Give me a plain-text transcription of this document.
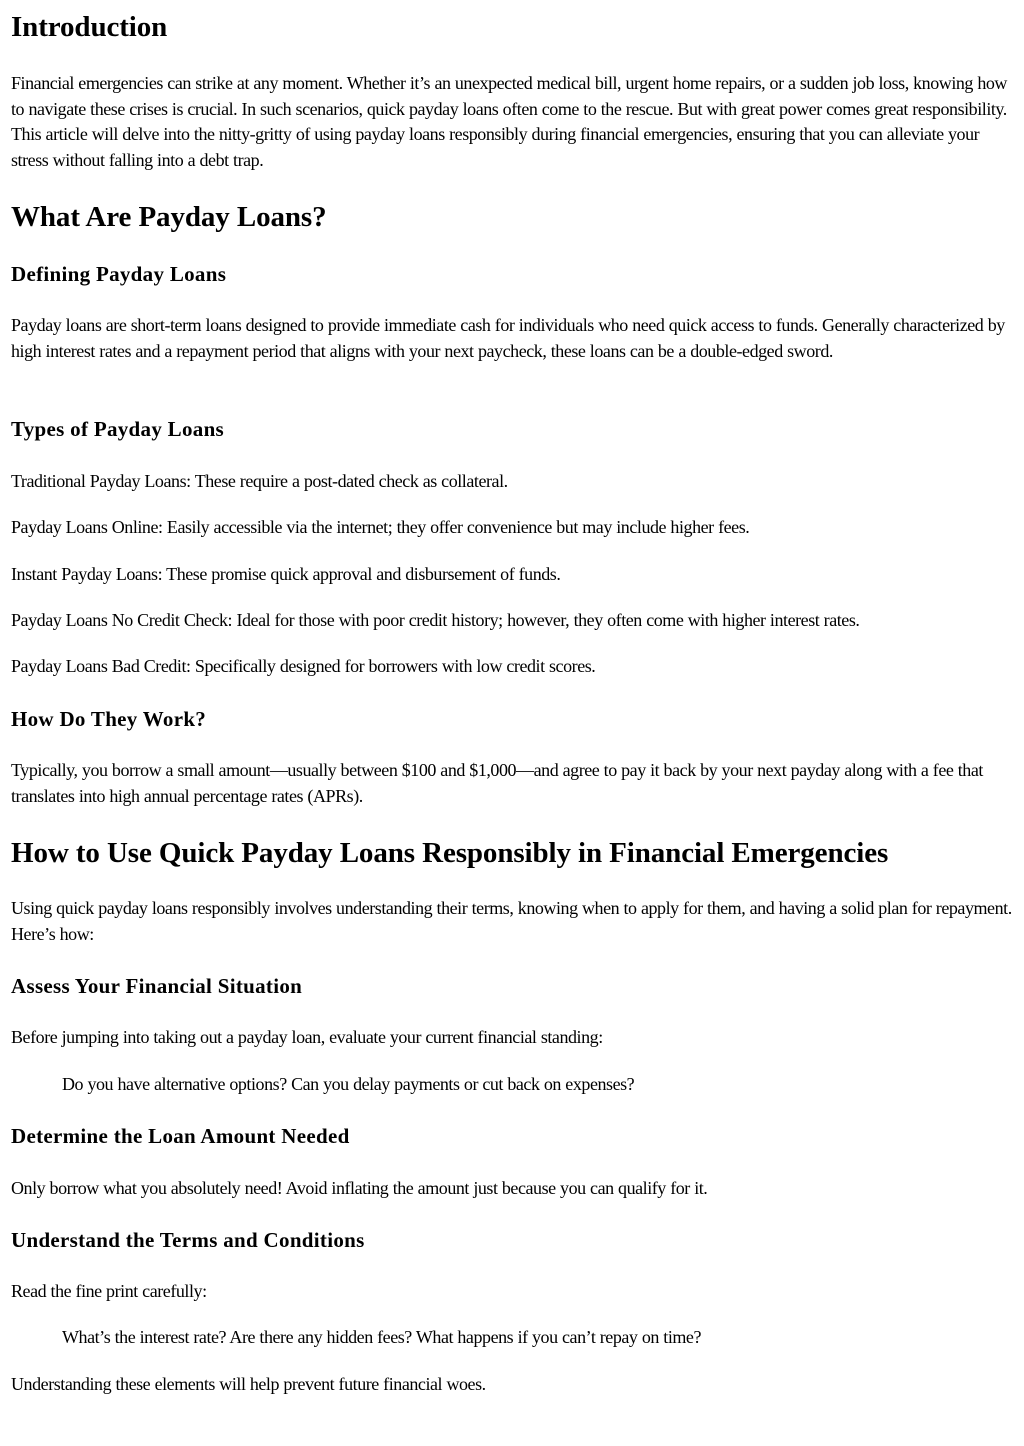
Introduction

Financial emergencies can strike at any moment. Whether it’s an unexpected medical bill, urgent home repairs, or a sudden job loss, knowing how to navigate these crises is crucial. In such scenarios, quick payday loans often come to the rescue. But with great power comes great responsibility. This article will delve into the nitty-gritty of using payday loans responsibly during financial emergencies, ensuring that you can alleviate your stress without falling into a debt trap.

What Are Payday Loans?
Defining Payday Loans

Payday loans are short-term loans designed to provide immediate cash for individuals who need quick access to funds. Generally characterized by high interest rates and a repayment period that aligns with your next paycheck, these loans can be a double-edged sword.

Types of Payday Loans

Traditional Payday Loans: These require a post-dated check as collateral.

Payday Loans Online: Easily accessible via the internet; they offer convenience but may include higher fees.

Instant Payday Loans: These promise quick approval and disbursement of funds.

Payday Loans No Credit Check: Ideal for those with poor credit history; however, they often come with higher interest rates.

Payday Loans Bad Credit: Specifically designed for borrowers with low credit scores.

How Do They Work?

Typically, you borrow a small amount—usually between $100 and $1,000—and agree to pay it back by your next payday along with a fee that translates into high annual percentage rates (APRs).

How to Use Quick Payday Loans Responsibly in Financial Emergencies

Using quick payday loans responsibly involves understanding their terms, knowing when to apply for them, and having a solid plan for repayment. Here’s how:

Assess Your Financial Situation

Before jumping into taking out a payday loan, evaluate your current financial standing:

Do you have alternative options? Can you delay payments or cut back on expenses?

Determine the Loan Amount Needed

Only borrow what you absolutely need! Avoid inflating the amount just because you can qualify for it.

Understand the Terms and Conditions

Read the fine print carefully:

What’s the interest rate? Are there any hidden fees? What happens if you can’t repay on time?

Understanding these elements will help prevent future financial woes.
